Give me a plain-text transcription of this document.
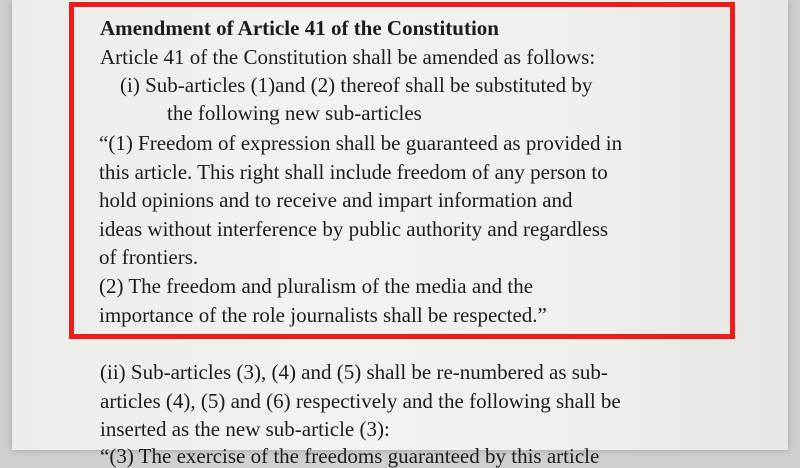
Amendment of Article 41 of the Constitution
Article 41 of the Constitution shall be amended as follows:
(i) Sub-articles (1)and (2) thereof shall be substituted by
the following new sub-articles
“(1) Freedom of expression shall be guaranteed as provided in
this article. This right shall include freedom of any person to
hold opinions and to receive and impart information and
ideas without interference by public authority and regardless
of frontiers.
(2) The freedom and pluralism of the media and the
importance of the role journalists shall be respected.”
(ii) Sub-articles (3), (4) and (5) shall be re-numbered as sub-
articles (4), (5) and (6) respectively and the following shall be
inserted as the new sub-article (3):
“(3) The exercise of the freedoms guaranteed by this article
